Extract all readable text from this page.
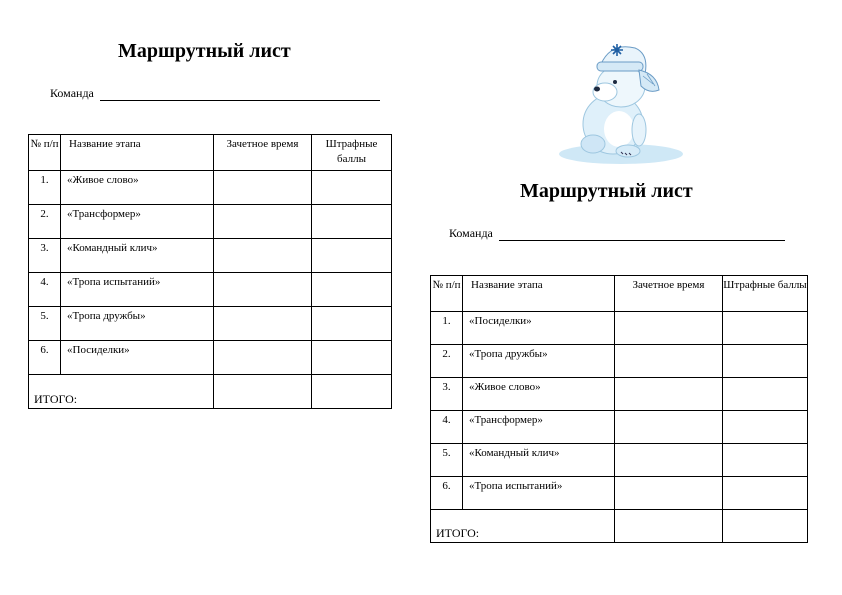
Маршрутный лист
Команда
№ п/п	Название этапа	Зачетное время	Штрафные баллы
1.	«Живое слово»		
2.	«Трансформер»		
3.	«Командный клич»		
4.	«Тропа испытаний»		
5.	«Тропа дружбы»		
6.	«Посиделки»		
ИТОГО:			
Маршрутный лист
Команда
№ п/п	Название этапа	Зачетное время	Штрафные баллы
1.	«Посиделки»		
2.	«Тропа дружбы»		
3.	«Живое слово»		
4.	«Трансформер»		
5.	«Командный клич»		
6.	«Тропа испытаний»		
ИТОГО:			
